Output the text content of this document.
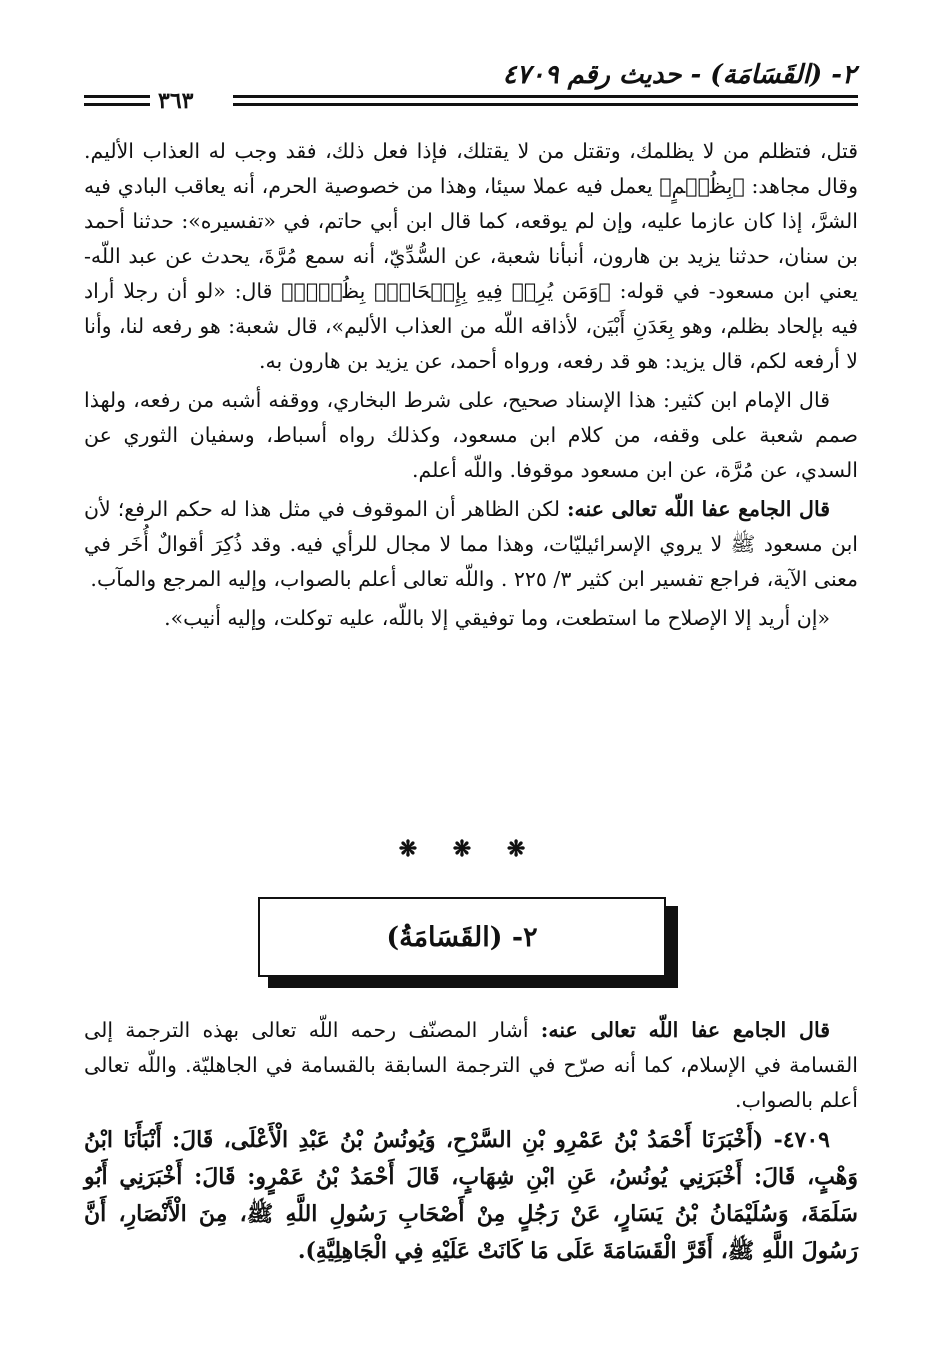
٢- (القَسَامَة) - حديث رقم ٤٧٠٩
٣٦٣

قتل، فتظلم من لا يظلمك، وتقتل من لا يقتلك، فإذا فعل ذلك، فقد وجب له العذاب الأليم. وقال مجاهد: ﴿بِظُلۡمٍ﴾ يعمل فيه عملا سيئا، وهذا من خصوصية الحرم، أنه يعاقب البادي فيه الشرَّ، إذا كان عازما عليه، وإن لم يوقعه، كما قال ابن أبي حاتم، في «تفسيره»: حدثنا أحمد بن سنان، حدثنا يزيد بن هارون، أنبأنا شعبة، عن السُّدِّيّ، أنه سمع مُرَّةَ، يحدث عن عبد اللّه- يعني ابن مسعود- في قوله: ﴿وَمَن يُرِدۡ فِيهِ بِإِلۡحَادِۭ بِظُلۡمٖ﴾ قال: «لو أن رجلا أراد فيه بإلحاد بظلم، وهو بِعَدَنِ أَبْيَن، لأذاقه اللّه من العذاب الأليم»، قال شعبة: هو رفعه لنا، وأنا لا أرفعه لكم، قال يزيد: هو قد رفعه، ورواه أحمد، عن يزيد بن هارون به.

قال الإمام ابن كثير: هذا الإسناد صحيح، على شرط البخاري، ووقفه أشبه من رفعه، ولهذا صمم شعبة على وقفه، من كلام ابن مسعود، وكذلك رواه أسباط، وسفيان الثوري عن السدي، عن مُرَّة، عن ابن مسعود موقوفا. واللّه أعلم.

قال الجامع عفا اللّه تعالى عنه: لكن الظاهر أن الموقوف في مثل هذا له حكم الرفع؛ لأن ابن مسعود ﷺ لا يروي الإسرائيليّات، وهذا مما لا مجال للرأي فيه. وقد ذُكِرَ أقوالٌ أُخَر في معنى الآية، فراجع تفسير ابن كثير ٣/ ٢٢٥ . واللّه تعالى أعلم بالصواب، وإليه المرجع والمآب.

«إن أريد إلا الإصلاح ما استطعت، وما توفيقي إلا باللّه، عليه توكلت، وإليه أنيب».

❋ ❋ ❋
٢- (القَسَامَةُ)

قال الجامع عفا اللّه تعالى عنه: أشار المصنّف رحمه اللّه تعالى بهذه الترجمة إلى القسامة في الإسلام، كما أنه صرّح في الترجمة السابقة بالقسامة في الجاهليّة. واللّه تعالى أعلم بالصواب.

٤٧٠٩- (أَخْبَرَنَا أَحْمَدُ بْنُ عَمْرِو بْنِ السَّرْحِ، وَيُونُسُ بْنُ عَبْدِ الْأَعْلَى، قَالَ: أَنْبَأَنَا ابْنُ وَهْبٍ، قَالَ: أَخْبَرَنِي يُونُسُ، عَنِ ابْنِ شِهَابٍ، قَالَ أَحْمَدُ بْنُ عَمْرٍو: قَالَ: أَخْبَرَنِي أَبُو سَلَمَةَ، وَسُلَيْمَانُ بْنُ يَسَارٍ، عَنْ رَجُلٍ مِنْ أَصْحَابِ رَسُولِ اللَّهِ ﷺ، مِنَ الْأَنْصَارِ، أَنَّ رَسُولَ اللَّهِ ﷺ، أَقَرَّ الْقَسَامَةَ عَلَى مَا كَانَتْ عَلَيْهِ فِي الْجَاهِلِيَّةِ).
